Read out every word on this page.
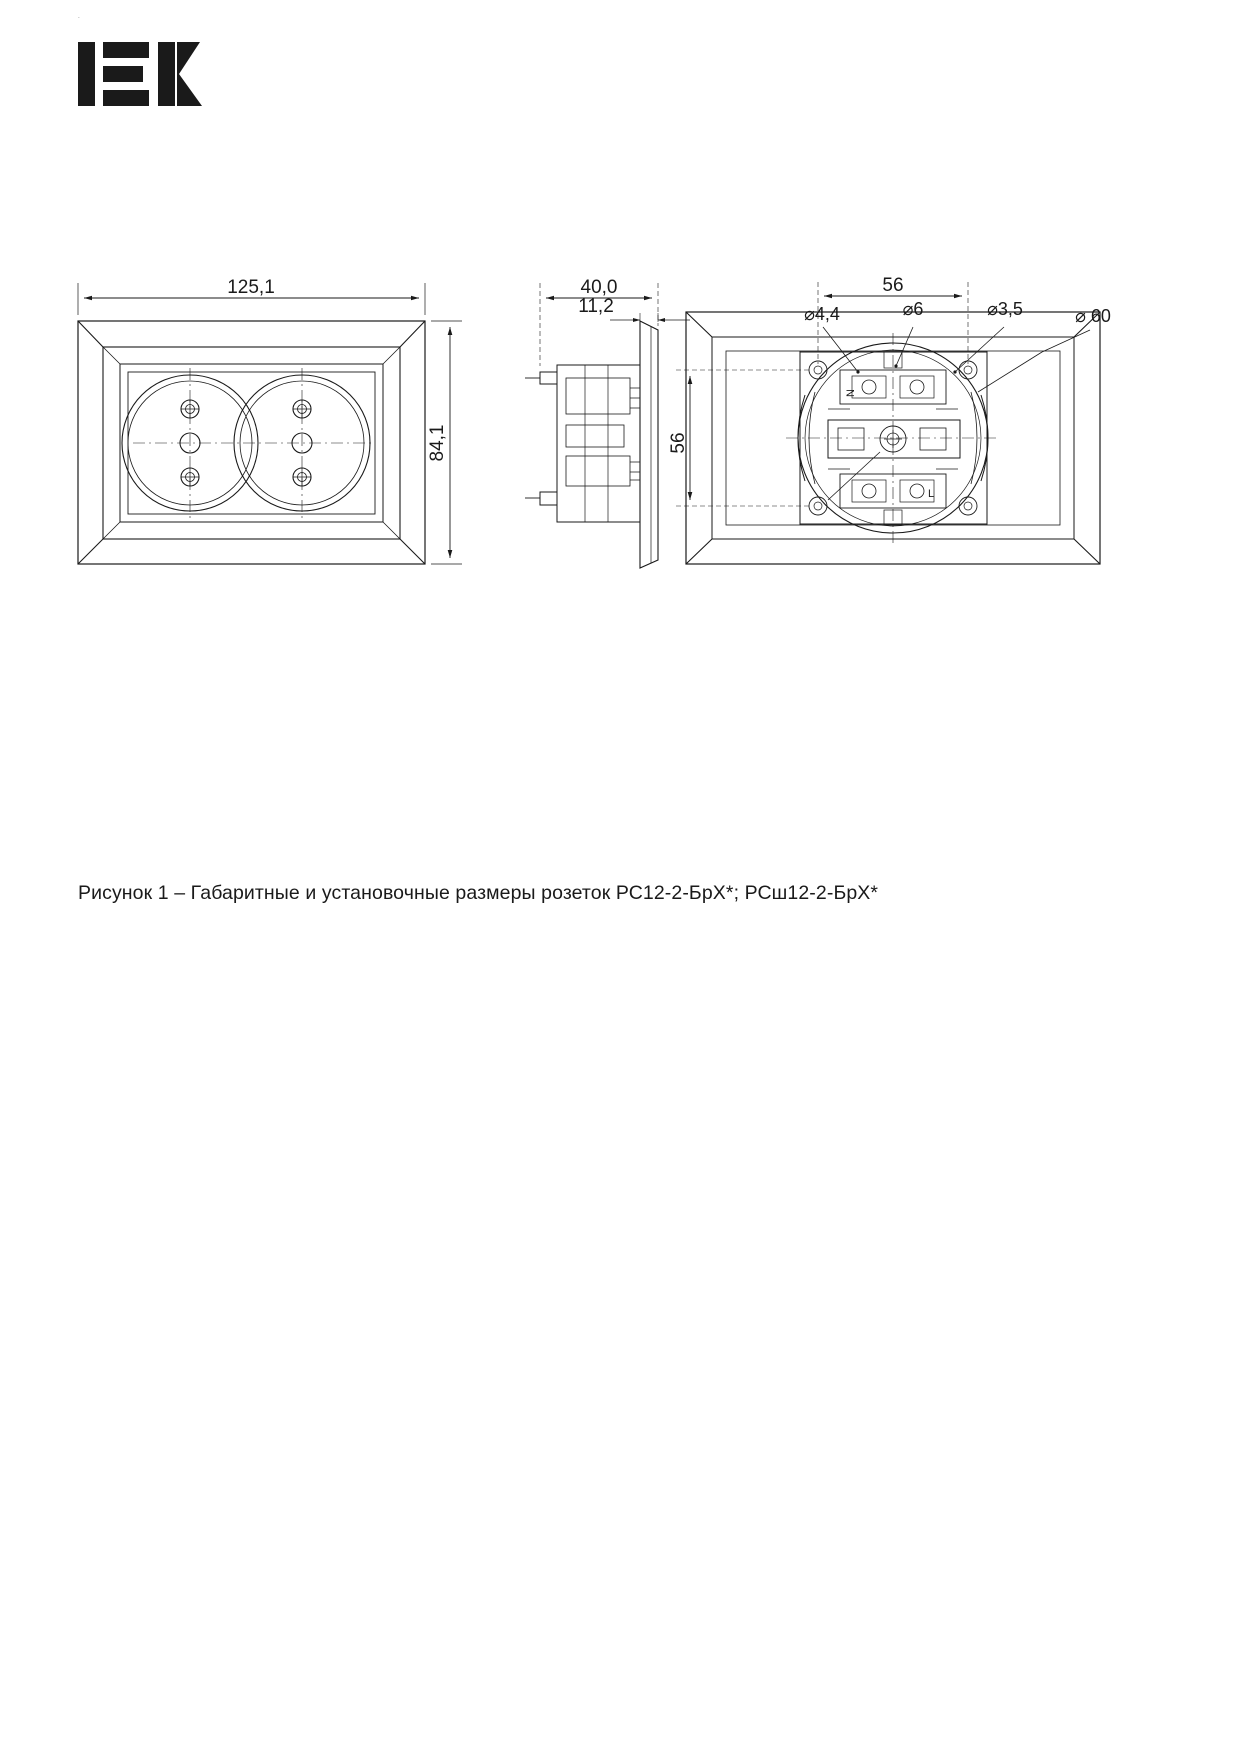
IEK
125,1
84,1
40,0
11,2
56
56
⌀4,4	⌀6	⌀3,5	⌀ 60
N
L
Рисунок 1 – Габаритные и установочные размеры розеток РС12-2-БрХ*; РСш12-2-БрХ*
